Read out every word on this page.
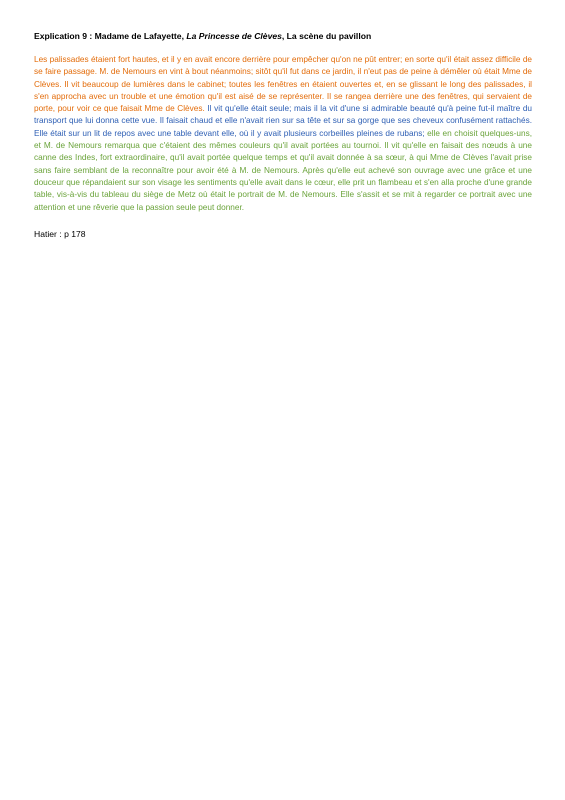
Explication 9 : Madame de Lafayette, La Princesse de Clèves, La scène du pavillon

Les palissades étaient fort hautes, et il y en avait encore derrière pour empêcher qu'on ne pût entrer; en sorte qu'il était assez difficile de se faire passage. M. de Nemours en vint à bout néanmoins; sitôt qu'il fut dans ce jardin, il n'eut pas de peine à démêler où était Mme de Clèves. Il vit beaucoup de lumières dans le cabinet; toutes les fenêtres en étaient ouvertes et, en se glissant le long des palissades, il s'en approcha avec un trouble et une émotion qu'il est aisé de se représenter. Il se rangea derrière une des fenêtres, qui servaient de porte, pour voir ce que faisait Mme de Clèves. Il vit qu'elle était seule; mais il la vit d'une si admirable beauté qu'à peine fut-il maître du transport que lui donna cette vue. Il faisait chaud et elle n'avait rien sur sa tête et sur sa gorge que ses cheveux confusément rattachés. Elle était sur un lit de repos avec une table devant elle, où il y avait plusieurs corbeilles pleines de rubans; elle en choisit quelques-uns, et M. de Nemours remarqua que c'étaient des mêmes couleurs qu'il avait portées au tournoi. Il vit qu'elle en faisait des nœuds à une canne des Indes, fort extraordinaire, qu'il avait portée quelque temps et qu'il avait donnée à sa sœur, à qui Mme de Clèves l'avait prise sans faire semblant de la reconnaître pour avoir été à M. de Nemours. Après qu'elle eut achevé son ouvrage avec une grâce et une douceur que répandaient sur son visage les sentiments qu'elle avait dans le cœur, elle prit un flambeau et s'en alla proche d'une grande table, vis-à-vis du tableau du siège de Metz où était le portrait de M. de Nemours. Elle s'assit et se mit à regarder ce portrait avec une attention et une rêverie que la passion seule peut donner.

Hatier : p 178
